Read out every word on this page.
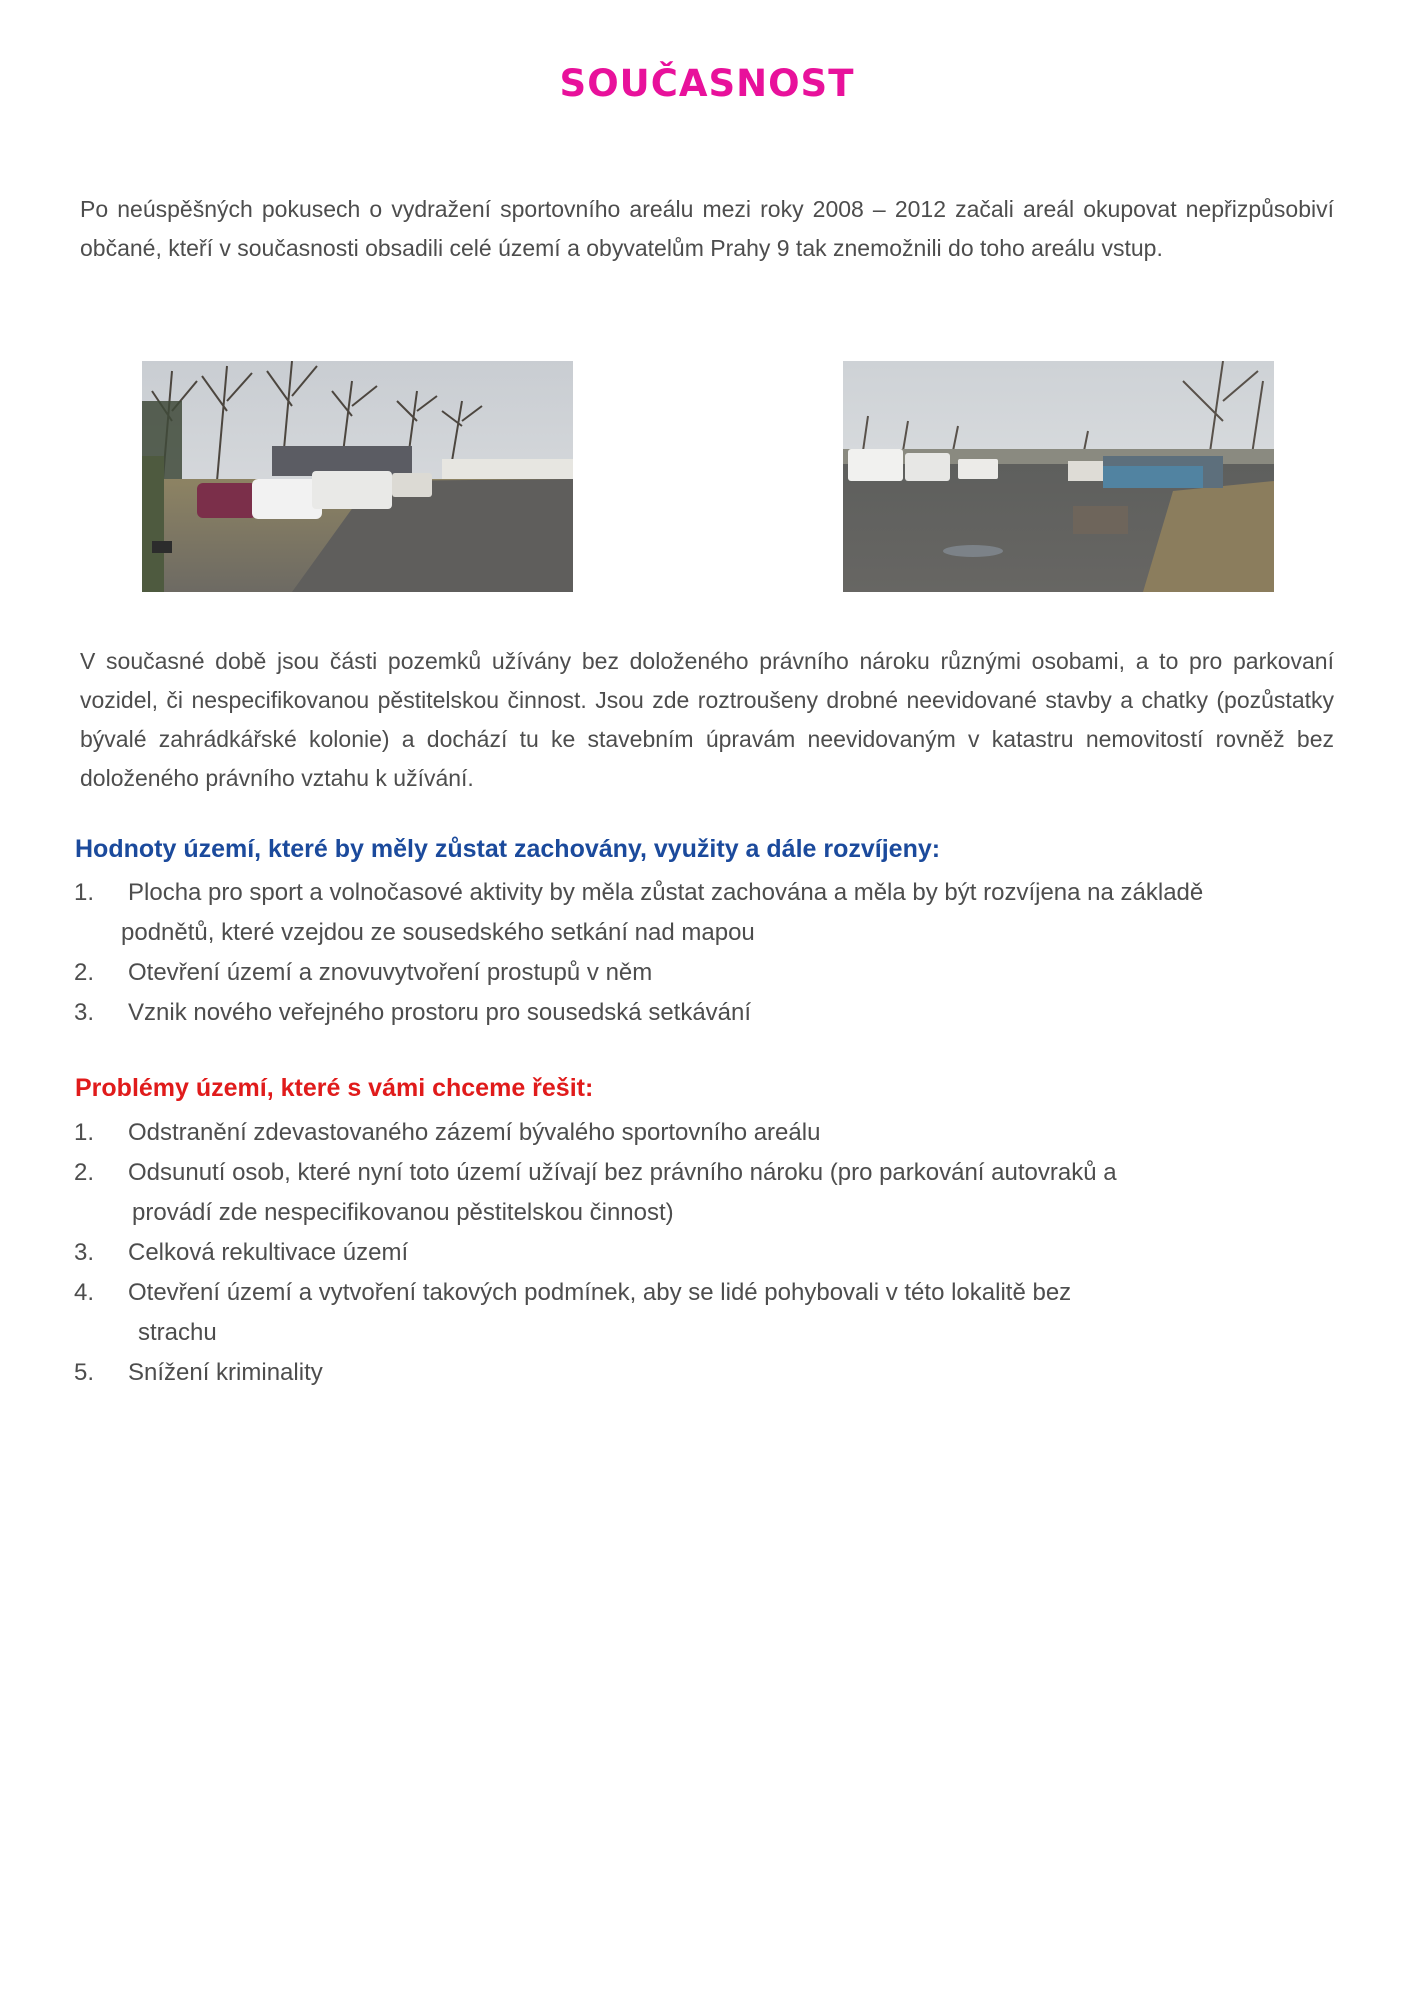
SOUČASNOST

Po neúspěšných pokusech o vydražení sportovního areálu mezi roky 2008 – 2012 začali areál okupovat nepřizpůsobiví občané, kteří v současnosti obsadili celé území a obyvatelům Prahy 9 tak znemožnili do toho areálu vstup.

V současné době jsou části pozemků užívány bez doloženého právního nároku různými osobami, a to pro parkovaní vozidel, či nespecifikovanou pěstitelskou činnost. Jsou zde roztroušeny drobné neevidované stavby a chatky (pozůstatky bývalé zahrádkářské kolonie) a dochází tu ke stavebním úpravám neevidovaným v katastru nemovitostí rovněž bez doloženého právního vztahu k užívání.

Hodnoty území, které by měly zůstat zachovány, využity a dále rozvíjeny:
1. Plocha pro sport a volnočasové aktivity by měla zůstat zachována a měla by být rozvíjena na základě
podnětů, které vzejdou ze sousedského setkání nad mapou
2. Otevření území a znovuvytvoření prostupů v něm
3. Vznik nového veřejného prostoru pro sousedská setkávání
Problémy území, které s vámi chceme řešit:
1. Odstranění zdevastovaného zázemí bývalého sportovního areálu
2. Odsunutí osob, které nyní toto území užívají bez právního nároku (pro parkování autovraků a
provádí zde nespecifikovanou pěstitelskou činnost)
3. Celková rekultivace území
4. Otevření území a vytvoření takových podmínek, aby se lidé pohybovali v této lokalitě bez
strachu
5. Snížení kriminality
